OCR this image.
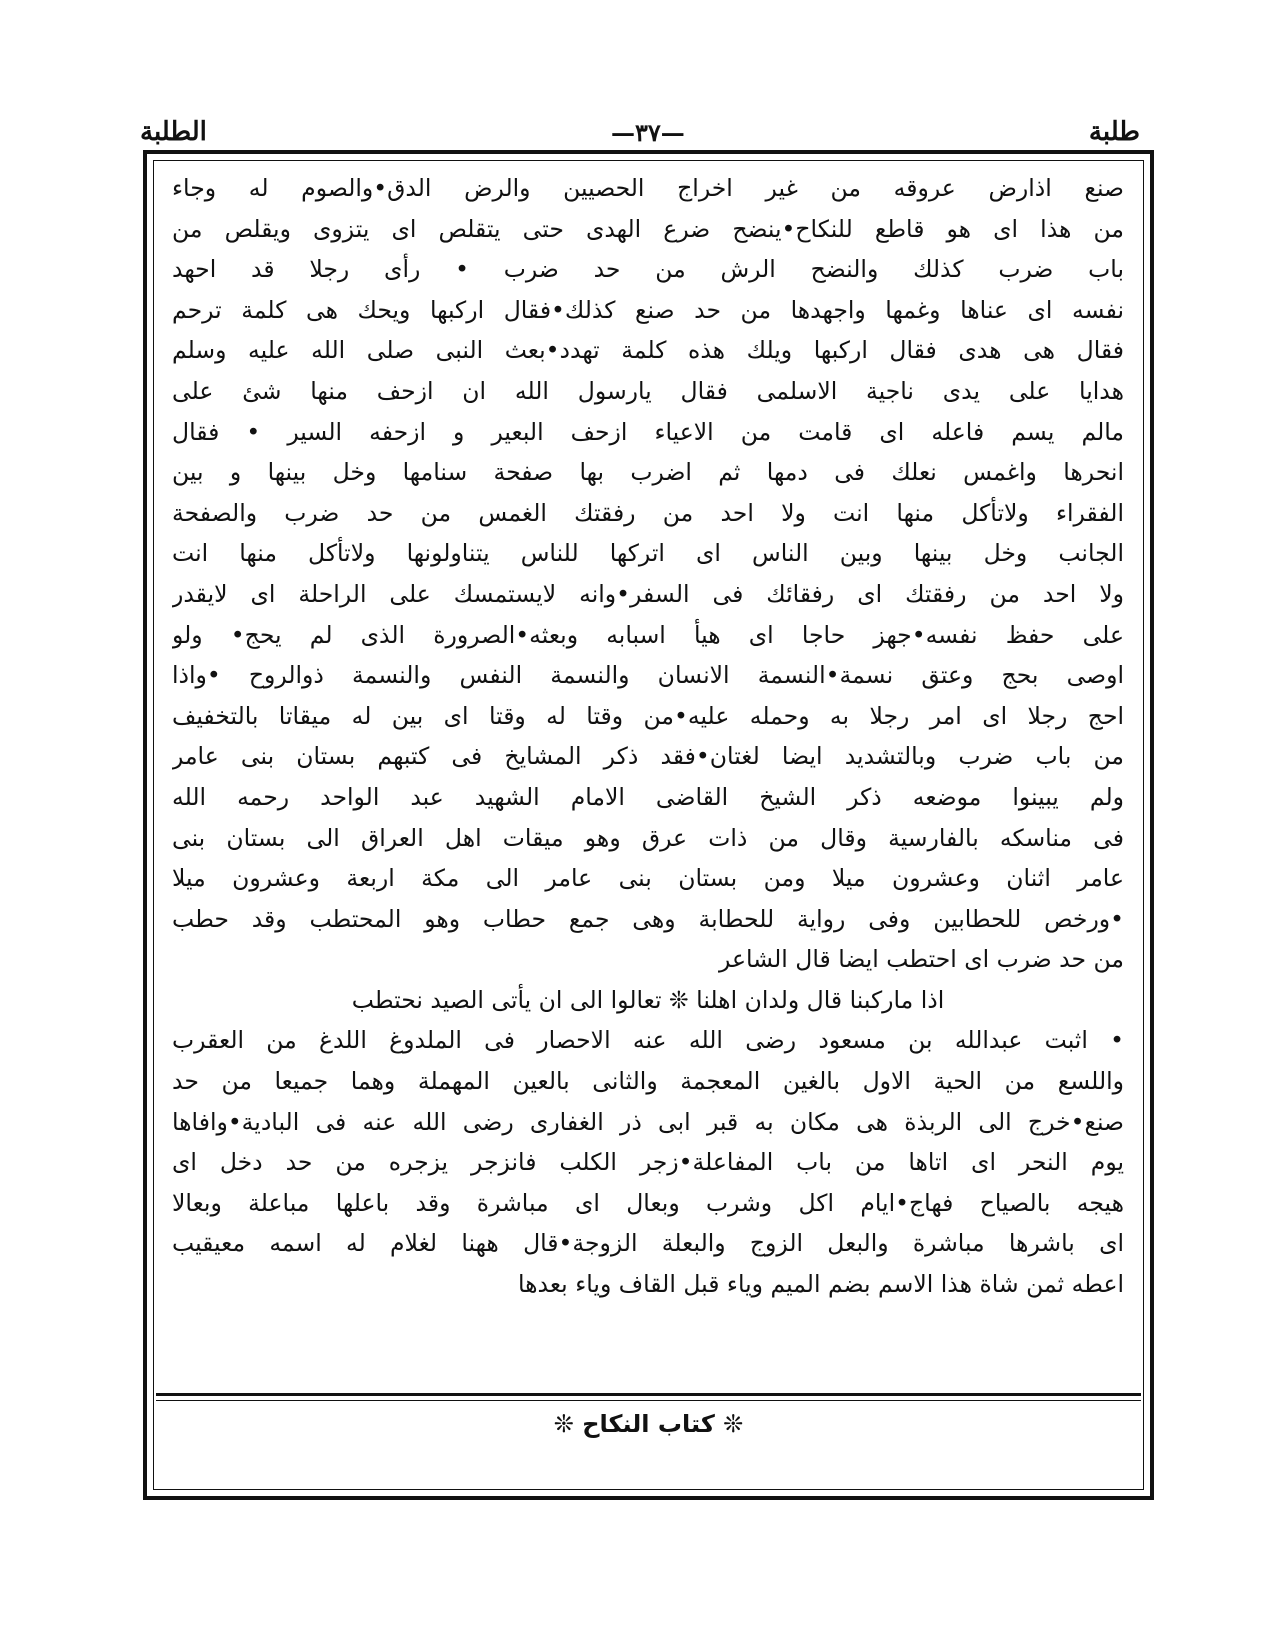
طلبة
—٣٧—
الطلبة
صنع اذارض عروقه من غير اخراج الحصيين والرض الدق•والصوم له وجاء
من هذا اى هو قاطع للنكاح•ينضح ضرع الهدى حتى يتقلص اى يتزوى ويقلص من
باب ضرب كذلك والنضح الرش من حد ضرب • رأى رجلا قد احهد
نفسه اى عناها وغمها واجهدها من حد صنع كذلك•فقال اركبها ويحك هى كلمة ترحم
فقال هى هدى فقال اركبها ويلك هذه كلمة تهدد•بعث النبى صلى الله عليه وسلم
هدايا على يدى ناجية الاسلمى فقال يارسول الله ان ازحف منها شئ على
مالم يسم فاعله اى قامت من الاعياء ازحف البعير و ازحفه السير • فقال
انحرها واغمس نعلك فى دمها ثم اضرب بها صفحة سنامها وخل بينها و بين
الفقراء ولاتأكل منها انت ولا احد من رفقتك الغمس من حد ضرب والصفحة
الجانب وخل بينها وبين الناس اى اتركها للناس يتناولونها ولاتأكل منها انت
ولا احد من رفقتك اى رفقائك فى السفر•وانه لايستمسك على الراحلة اى لايقدر
على حفظ نفسه•جهز حاجا اى هيأ اسبابه وبعثه•الصرورة الذى لم يحج• ولو
اوصى بحج وعتق نسمة•النسمة الانسان والنسمة النفس والنسمة ذوالروح •واذا
احج رجلا اى امر رجلا به وحمله عليه•من وقتا له وقتا اى بين له ميقاتا بالتخفيف
من باب ضرب وبالتشديد ايضا لغتان•فقد ذكر المشايخ فى كتبهم بستان بنى عامر
ولم يبينوا موضعه ذكر الشيخ القاضى الامام الشهيد عبد الواحد رحمه الله
فى مناسكه بالفارسية وقال من ذات عرق وهو ميقات اهل العراق الى بستان بنى
عامر اثنان وعشرون ميلا ومن بستان بنى عامر الى مكة اربعة وعشرون ميلا
•ورخص للحطابين وفى رواية للحطابة وهى جمع حطاب وهو المحتطب وقد حطب
من حد ضرب اى احتطب ايضا قال الشاعر
اذا ماركبنا قال ولدان اهلنا ❊ تعالوا الى ان يأتى الصيد نحتطب
• اثبت عبدالله بن مسعود رضى الله عنه الاحصار فى الملدوغ اللدغ من العقرب
واللسع من الحية الاول بالغين المعجمة والثانى بالعين المهملة وهما جميعا من حد
صنع•خرج الى الربذة هى مكان به قبر ابى ذر الغفارى رضى الله عنه فى البادية•وافاها
يوم النحر اى اتاها من باب المفاعلة•زجر الكلب فانزجر يزجره من حد دخل اى
هيجه بالصياح فهاج•ايام اكل وشرب وبعال اى مباشرة وقد باعلها مباعلة وبعالا
اى باشرها مباشرة والبعل الزوج والبعلة الزوجة•قال ههنا لغلام له اسمه معيقيب
اعطه ثمن شاة هذا الاسم بضم الميم وياء قبل القاف وياء بعدها
❊ كتاب النكاح ❊
